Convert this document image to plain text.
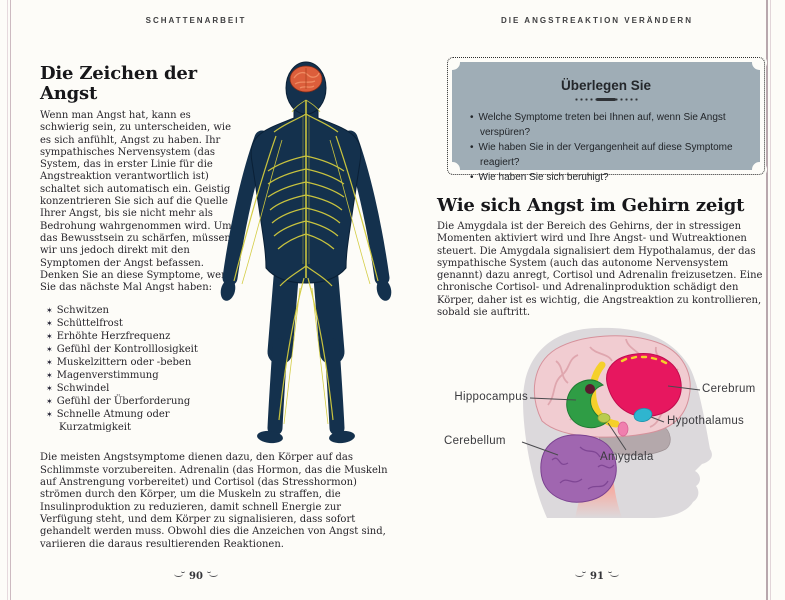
SCHATTENARBEIT	DIE ANGSTREAKTION VERÄNDERN
Die Zeichen der Angst

Wenn man Angst hat, kann es schwierig sein, zu unterscheiden, wie es sich anfühlt, Angst zu haben. Ihr sympathisches Nervensystem (das System, das in erster Linie für die Angstreaktion verantwortlich ist) schaltet sich automatisch ein. Geistig konzentrieren Sie sich auf die Quelle Ihrer Angst, bis sie nicht mehr als Bedrohung wahrgenommen wird. Um das Bewusstsein zu schärfen, müssen wir uns jedoch direkt mit den Symptomen der Angst befassen. Denken Sie an diese Symptome, wenn Sie das nächste Mal Angst haben:

✶ Schwitzen
✶ Schüttelfrost
✶ Erhöhte Herzfrequenz
✶ Gefühl der Kontrolllosigkeit
✶ Muskelzittern oder -beben
✶ Magenverstimmung
✶ Schwindel
✶ Gefühl der Überforderung
✶ Schnelle Atmung oder Kurzatmigkeit

Die meisten Angstsymptome dienen dazu, den Körper auf das Schlimmste vorzubereiten. Adrenalin (das Hormon, das die Muskeln auf Anstrengung vorbereitet) und Cortisol (das Stresshormon) strömen durch den Körper, um die Muskeln zu straffen, die Insulinproduktion zu reduzieren, damit schnell Energie zur Verfügung steht, und dem Körper zu signalisieren, dass sofort gehandelt werden muss. Obwohl dies die Anzeichen von Angst sind, variieren die daraus resultierenden Reaktionen.

90
Überlegen Sie
• Welche Symptome treten bei Ihnen auf, wenn Sie Angst verspüren?
• Wie haben Sie in der Vergangenheit auf diese Symptome reagiert?
• Wie haben Sie sich beruhigt?
Wie sich Angst im Gehirn zeigt

Die Amygdala ist der Bereich des Gehirns, der in stressigen Momenten aktiviert wird und Ihre Angst- und Wutreaktionen steuert. Die Amygdala signalisiert dem Hypothalamus, der das sympathische System (auch das autonome Nervensystem genannt) dazu anregt, Cortisol und Adrenalin freizusetzen. Eine chronische Cortisol- und Adrenalinproduktion schädigt den Körper, daher ist es wichtig, die Angstreaktion zu kontrollieren, sobald sie auftritt.

Hippocampus
Cerebellum
Amygdala
Cerebrum
Hypothalamus
91
